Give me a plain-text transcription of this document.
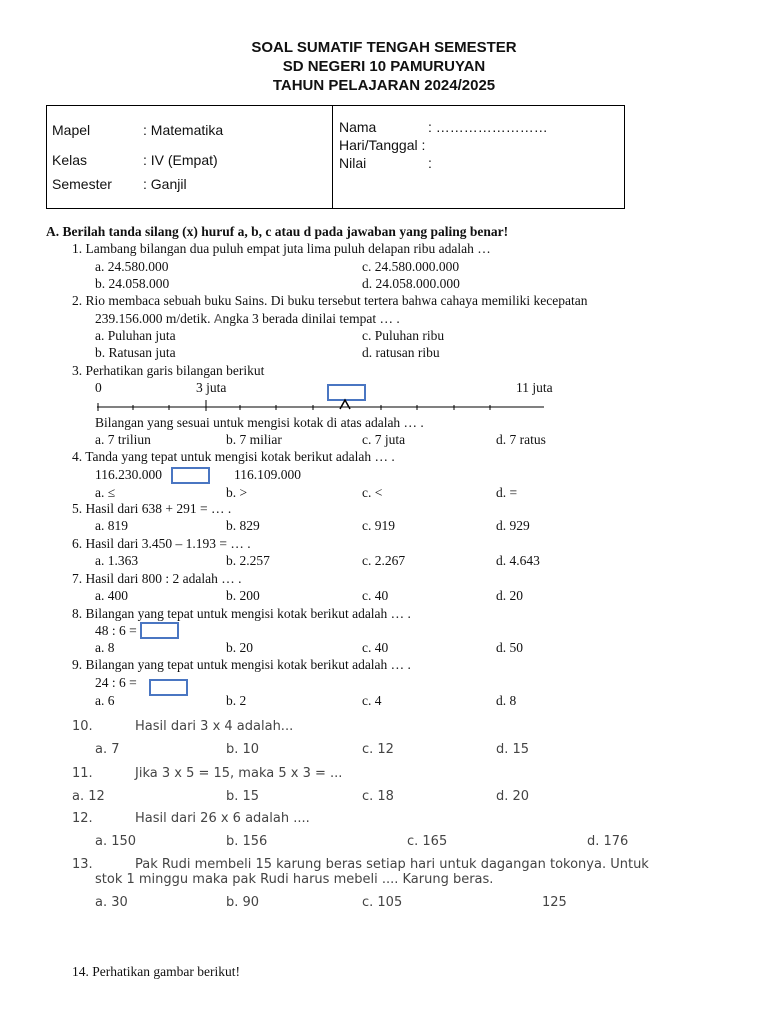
SOAL SUMATIF TENGAH SEMESTER
SD NEGERI 10 PAMURUYAN
TAHUN PELAJARAN 2024/2025
Mapel	: Matematika
Kelas	: IV (Empat)
Semester : Ganjil
Nama	: ……………………
Hari/Tanggal :
Nilai	:
A. Berilah tanda silang (x) huruf a, b, c atau d pada jawaban yang paling benar!
1. Lambang bilangan dua puluh empat juta lima puluh delapan ribu adalah …
a. 24.580.000	c. 24.580.000.000
b. 24.058.000	d. 24.058.000.000
2. Rio membaca sebuah buku Sains. Di buku tersebut tertera bahwa cahaya memiliki kecepatan
239.156.000 m/detik. Angka 3 berada dinilai tempat … .
a. Puluhan juta	c. Puluhan ribu
b. Ratusan juta	d. ratusan ribu
3. Perhatikan garis bilangan berikut
0	3 juta	11 juta
Bilangan yang sesuai untuk mengisi kotak di atas adalah … .
a. 7 triliun	b. 7 miliar	c. 7 juta	d. 7 ratus
4. Tanda yang tepat untuk mengisi kotak berikut adalah … .
116.230.000	116.109.000
a. ≤	b. >	c. <	d. =
5. Hasil dari 638 + 291 = … .
a. 819	b. 829	c. 919	d. 929
6. Hasil dari 3.450 – 1.193 = … .
a. 1.363	b. 2.257	c. 2.267	d. 4.643
7. Hasil dari 800 : 2 adalah … .
a. 400	b. 200	c. 40	d. 20
8. Bilangan yang tepat untuk mengisi kotak berikut adalah … .
48 : 6 =
a. 8	b. 20	c. 40	d. 50
9. Bilangan yang tepat untuk mengisi kotak berikut adalah … .
24 : 6 =
a. 6	b. 2	c. 4	d. 8
10.	Hasil dari 3 x 4 adalah...
a. 7	b. 10	c. 12	d. 15
11.	Jika 3 x 5 = 15, maka 5 x 3 = ...
a. 12	b. 15	c. 18	d. 20
12.	Hasil dari 26 x 6 adalah ....
a. 150	b. 156	c. 165	d. 176
13.	Pak Rudi membeli 15 karung beras setiap hari untuk dagangan tokonya. Untuk
stok 1 minggu maka pak Rudi harus mebeli .... Karung beras.
a. 30	b. 90	c. 105	125
14. Perhatikan gambar berikut!
